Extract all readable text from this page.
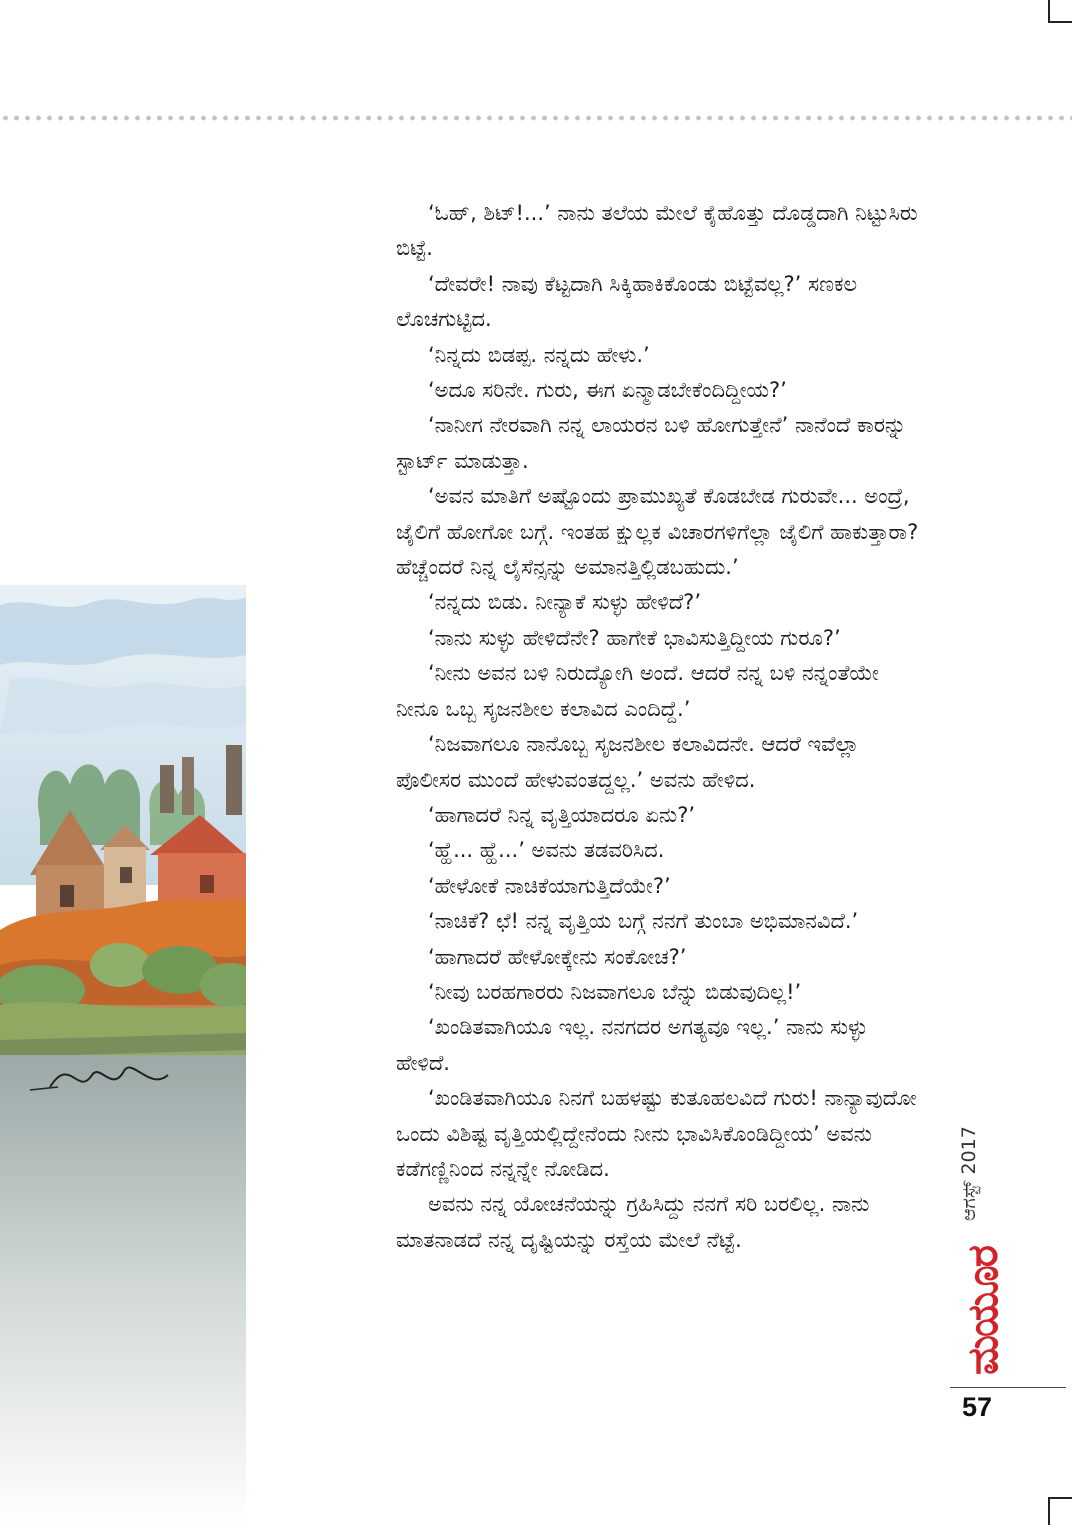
‘ಓಹ್, ಶಿಟ್!...’ ನಾನು ತಲೆಯ ಮೇಲೆ ಕೈಹೊತ್ತು ದೊಡ್ಡದಾಗಿ ನಿಟ್ಟುಸಿರು ಬಿಟ್ಟೆ.

‘ದೇವರೇ! ನಾವು ಕೆಟ್ಟದಾಗಿ ಸಿಕ್ಕಿಹಾಕಿಕೊಂಡು ಬಿಟ್ಟೆವಲ್ಲ?’ ಸಣಕಲ ಲೊಚಗುಟ್ಟಿದ.

‘ನಿನ್ನದು ಬಿಡಪ್ಪ. ನನ್ನದು ಹೇಳು.’

‘ಅದೂ ಸರಿನೇ. ಗುರು, ಈಗ ಏನ್ಮಾಡಬೇಕೆಂದಿದ್ದೀಯ?’

‘ನಾನೀಗ ನೇರವಾಗಿ ನನ್ನ ಲಾಯರನ ಬಳಿ ಹೋಗುತ್ತೇನೆ’ ನಾನೆಂದೆ ಕಾರನ್ನು ಸ್ಟಾರ್ಟ್ ಮಾಡುತ್ತಾ.

‘ಅವನ ಮಾತಿಗೆ ಅಷ್ಟೊಂದು ಪ್ರಾಮುಖ್ಯತೆ ಕೊಡಬೇಡ ಗುರುವೇ... ಅಂದ್ರೆ, ಜೈಲಿಗೆ ಹೋಗೋ ಬಗ್ಗೆ. ಇಂತಹ ಕ್ಷುಲ್ಲಕ ವಿಚಾರಗಳಿಗೆಲ್ಲಾ ಜೈಲಿಗೆ ಹಾಕುತ್ತಾರಾ? ಹೆಚ್ಚೆಂದರೆ ನಿನ್ನ ಲೈಸೆನ್ಸನ್ನು ಅಮಾನತ್ತಿಲ್ಲಿಡಬಹುದು.’

‘ನನ್ನದು ಬಿಡು. ನೀನ್ಯಾಕೆ ಸುಳ್ಳು ಹೇಳಿದೆ?’

‘ನಾನು ಸುಳ್ಳು ಹೇಳಿದೆನೇ? ಹಾಗೇಕೆ ಭಾವಿಸುತ್ತಿದ್ದೀಯ ಗುರೂ?’

‘ನೀನು ಅವನ ಬಳಿ ನಿರುದ್ಯೋಗಿ ಅಂದೆ. ಆದರೆ ನನ್ನ ಬಳಿ ನನ್ನಂತೆಯೇ ನೀನೂ ಒಬ್ಬ ಸೃಜನಶೀಲ ಕಲಾವಿದ ಎಂದಿದ್ದೆ.’

‘ನಿಜವಾಗಲೂ ನಾನೊಬ್ಬ ಸೃಜನಶೀಲ ಕಲಾವಿದನೇ. ಆದರೆ ಇವೆಲ್ಲಾ ಪೊಲೀಸರ ಮುಂದೆ ಹೇಳುವಂತದ್ದಲ್ಲ.’ ಅವನು ಹೇಳಿದ.

‘ಹಾಗಾದರೆ ನಿನ್ನ ವೃತ್ತಿಯಾದರೂ ಏನು?’

‘ಹ್ಹೆ... ಹ್ಹೆ...’ ಅವನು ತಡವರಿಸಿದ.

‘ಹೇಳೋಕೆ ನಾಚಿಕೆಯಾಗುತ್ತಿದೆಯೇ?’

‘ನಾಚಿಕೆ? ಛೆ! ನನ್ನ ವೃತ್ತಿಯ ಬಗ್ಗೆ ನನಗೆ ತುಂಬಾ ಅಭಿಮಾನವಿದೆ.’

‘ಹಾಗಾದರೆ ಹೇಳೋಕ್ಕೇನು ಸಂಕೋಚ?’

‘ನೀವು ಬರಹಗಾರರು ನಿಜವಾಗಲೂ ಬೆನ್ನು ಬಿಡುವುದಿಲ್ಲ!’

‘ಖಂಡಿತವಾಗಿಯೂ ಇಲ್ಲ. ನನಗದರ ಅಗತ್ಯವೂ ಇಲ್ಲ.’ ನಾನು ಸುಳ್ಳು ಹೇಳಿದೆ.

‘ಖಂಡಿತವಾಗಿಯೂ ನಿನಗೆ ಬಹಳಷ್ಟು ಕುತೂಹಲವಿದೆ ಗುರು! ನಾನ್ಯಾವುದೋ ಒಂದು ವಿಶಿಷ್ಟ ವೃತ್ತಿಯಲ್ಲಿದ್ದೇನೆಂದು ನೀನು ಭಾವಿಸಿಕೊಂಡಿದ್ದೀಯ’ ಅವನು ಕಡೆಗಣ್ಣಿನಿಂದ ನನ್ನನ್ನೇ ನೋಡಿದ.

ಅವನು ನನ್ನ ಯೋಚನೆಯನ್ನು ಗ್ರಹಿಸಿದ್ದು ನನಗೆ ಸರಿ ಬರಲಿಲ್ಲ. ನಾನು ಮಾತನಾಡದೆ ನನ್ನ ದೃಷ್ಟಿಯನ್ನು ರಸ್ತೆಯ ಮೇಲೆ ನೆಟ್ಟೆ.

ಆಗಸ್ಟ್ 2017
ಮಯೂರ
57
